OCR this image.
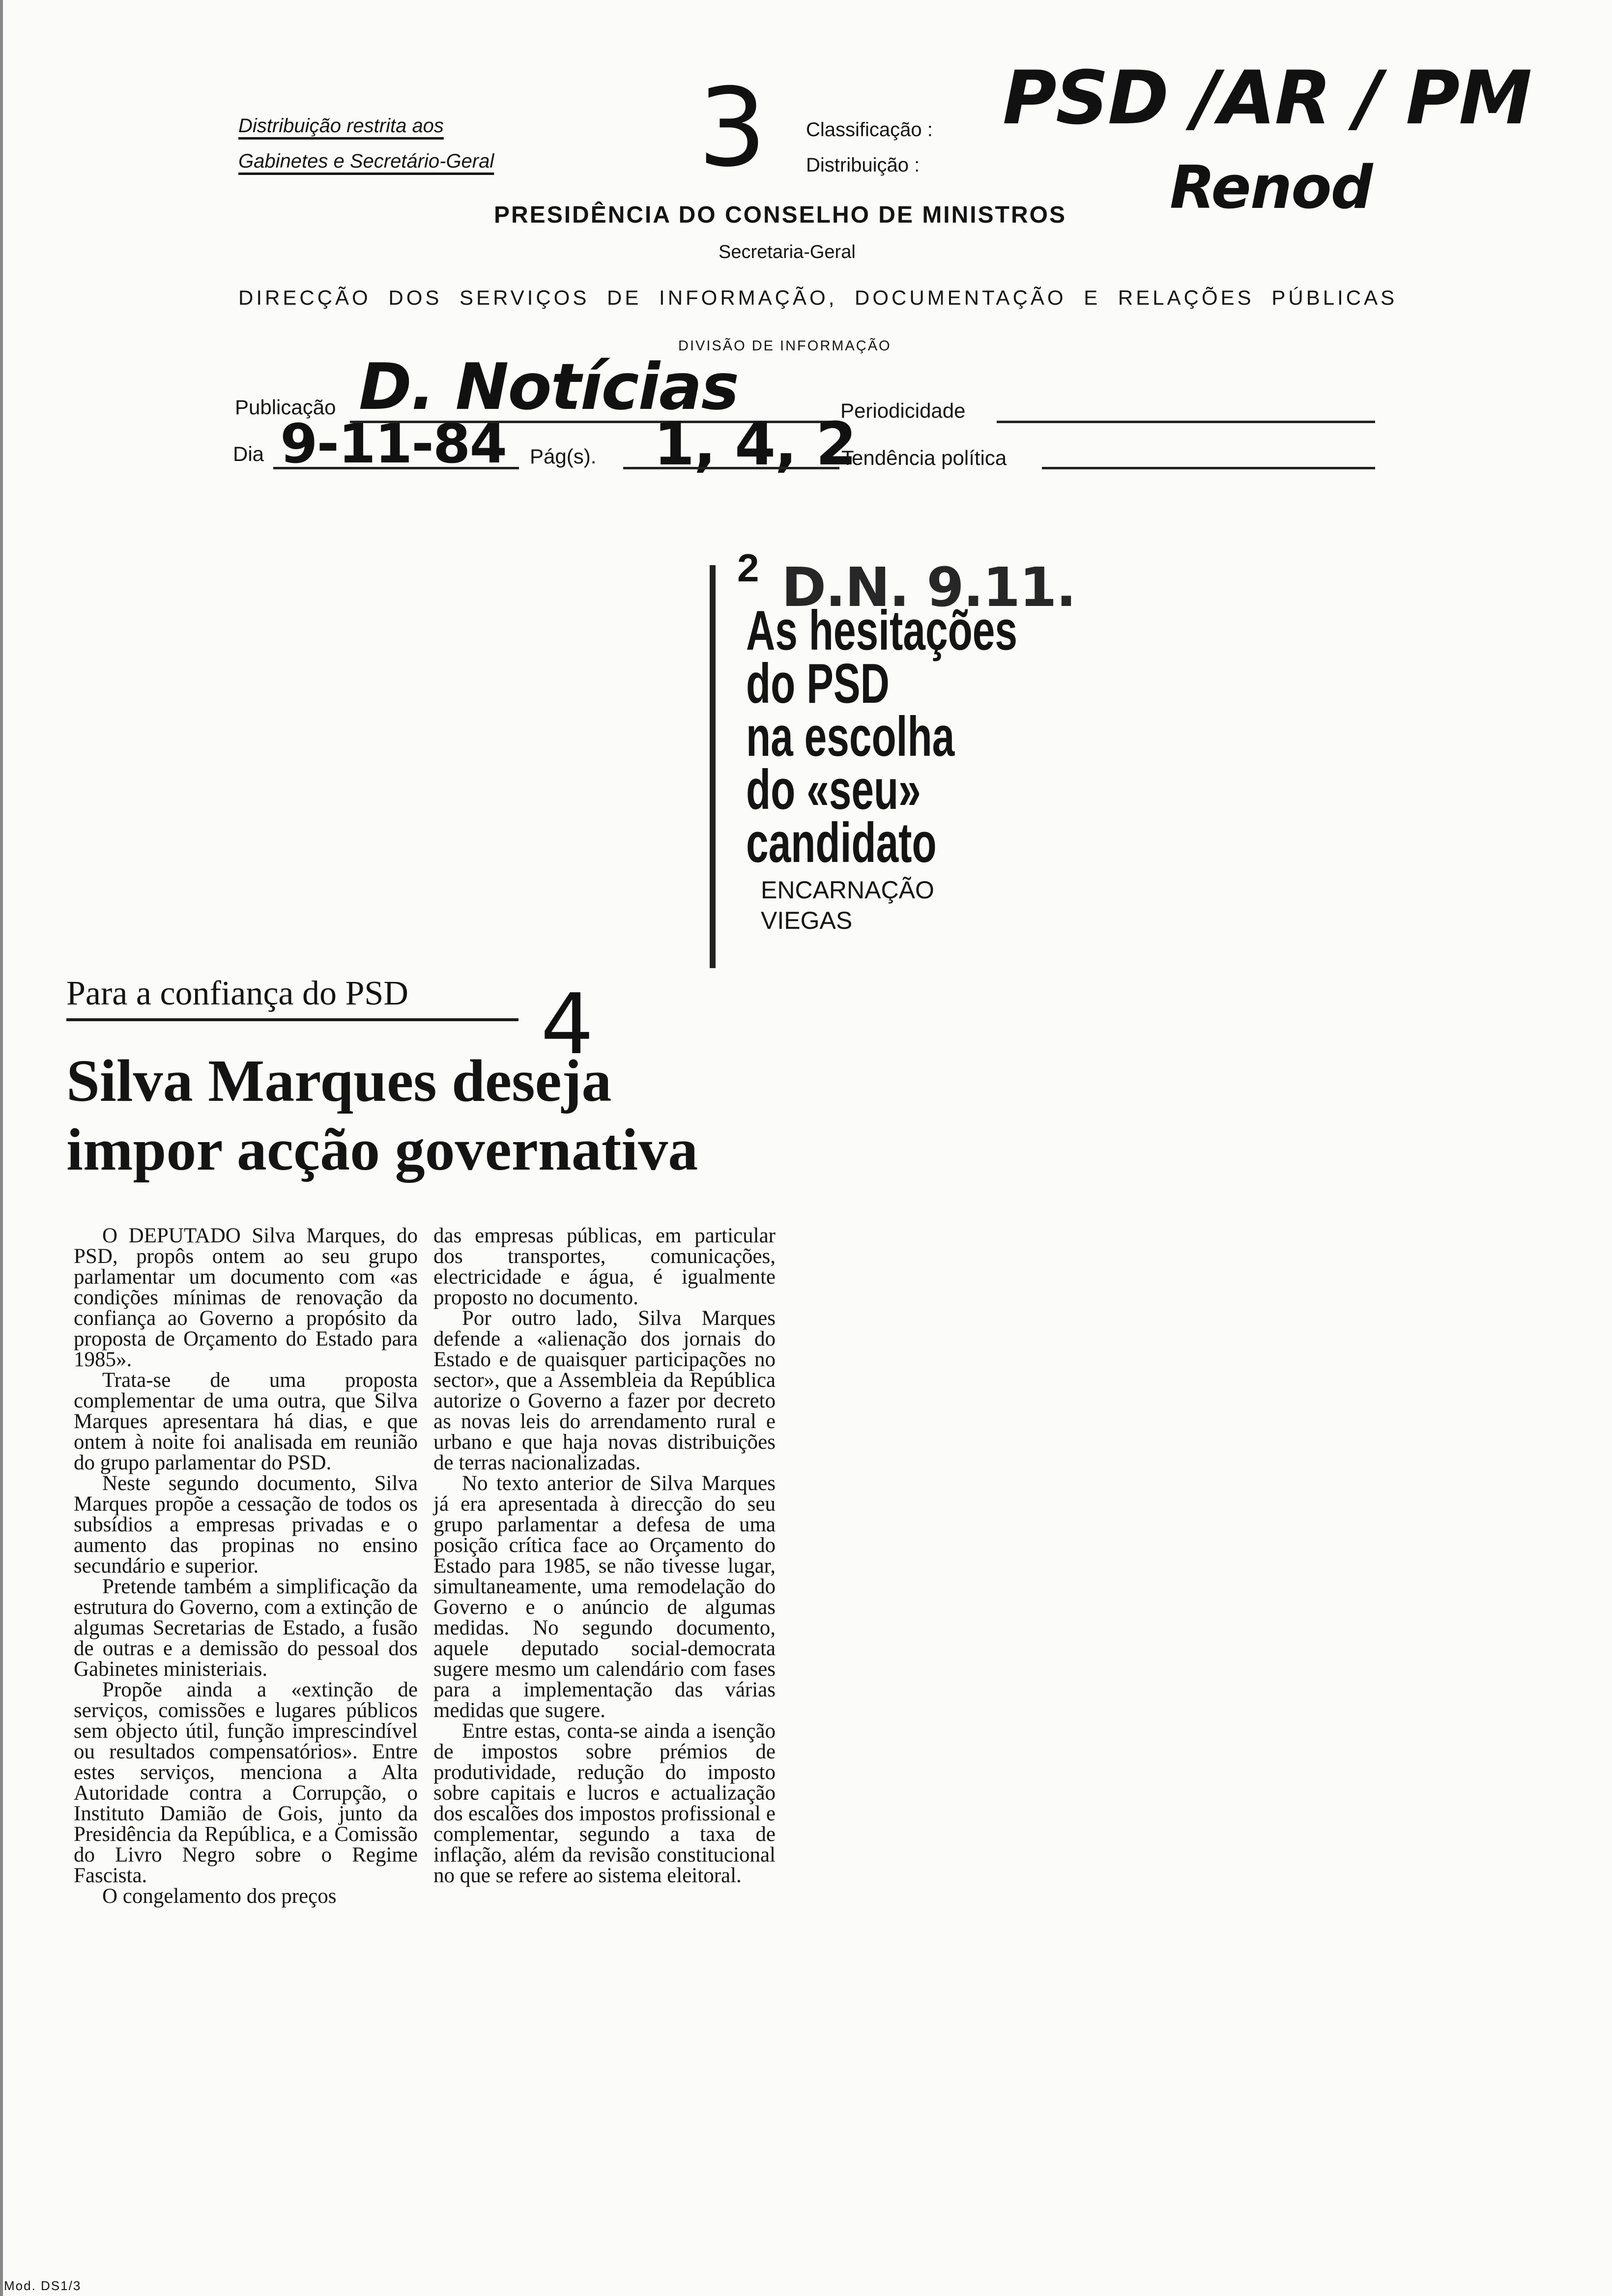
Distribuição restrita aos
Gabinetes e Secretário-Geral 3 Classificação :
Distribuição :
PSD /AR / PM
Renod
PRESIDÊNCIA DO CONSELHO DE MINISTROS
Secretaria-Geral
DIRECÇÃO DOS SERVIÇOS DE INFORMAÇÃO, DOCUMENTAÇÃO E RELAÇÕES PÚBLICAS
DIVISÃO DE INFORMAÇÃO
Publicação D. Notícias	Periodicidade
Dia 9-11-84 Pág(s). 1, 4, 2
Tendência política
2 D.N. 9.11.
As hesitações
do PSD
na escolha
do «seu»
candidato
ENCARNAÇÃO
VIEGAS
Para a confiança do PSD 4
Silva Marques deseja
impor acção governativa

O DEPUTADO Silva Marques, do PSD, propôs ontem ao seu grupo parlamentar um documento com «as condições mínimas de renovação da confiança ao Governo a propósito da proposta de Orçamento do Estado para 1985».

Trata-se de uma proposta complementar de uma outra, que Silva Marques apresentara há dias, e que ontem à noite foi analisada em reunião do grupo parlamentar do PSD.

Neste segundo documento, Silva Marques propõe a cessação de todos os subsídios a empresas privadas e o aumento das propinas no ensino secundário e superior.

Pretende também a simplificação da estrutura do Governo, com a extinção de algumas Secretarias de Estado, a fusão de outras e a demissão do pessoal dos Gabinetes ministeriais.

Propõe ainda a «extinção de serviços, comissões e lugares públicos sem objecto útil, função imprescindível ou resultados compensatórios». Entre estes serviços, menciona a Alta Autoridade contra a Corrupção, o Instituto Damião de Gois, junto da Presidência da República, e a Comissão do Livro Negro sobre o Regime Fascista.

O congelamento dos preços

das empresas públicas, em particular dos transportes, comunicações, electricidade e água, é igualmente proposto no documento.

Por outro lado, Silva Marques defende a «alienação dos jornais do Estado e de quaisquer participações no sector», que a Assembleia da República autorize o Governo a fazer por decreto as novas leis do arrendamento rural e urbano e que haja novas distribuições de terras nacionalizadas.

No texto anterior de Silva Marques já era apresentada à direcção do seu grupo parlamentar a defesa de uma posição crítica face ao Orçamento do Estado para 1985, se não tivesse lugar, simultaneamente, uma remodelação do Governo e o anúncio de algumas medidas. No segundo documento, aquele deputado social-democrata sugere mesmo um calendário com fases para a implementação das várias medidas que sugere.

Entre estas, conta-se ainda a isenção de impostos sobre prémios de produtividade, redução do imposto sobre capitais e lucros e actualização dos escalões dos impostos profissional e complementar, segundo a taxa de inflação, além da revisão constitucional no que se refere ao sistema eleitoral.

Mod. DS1/3
